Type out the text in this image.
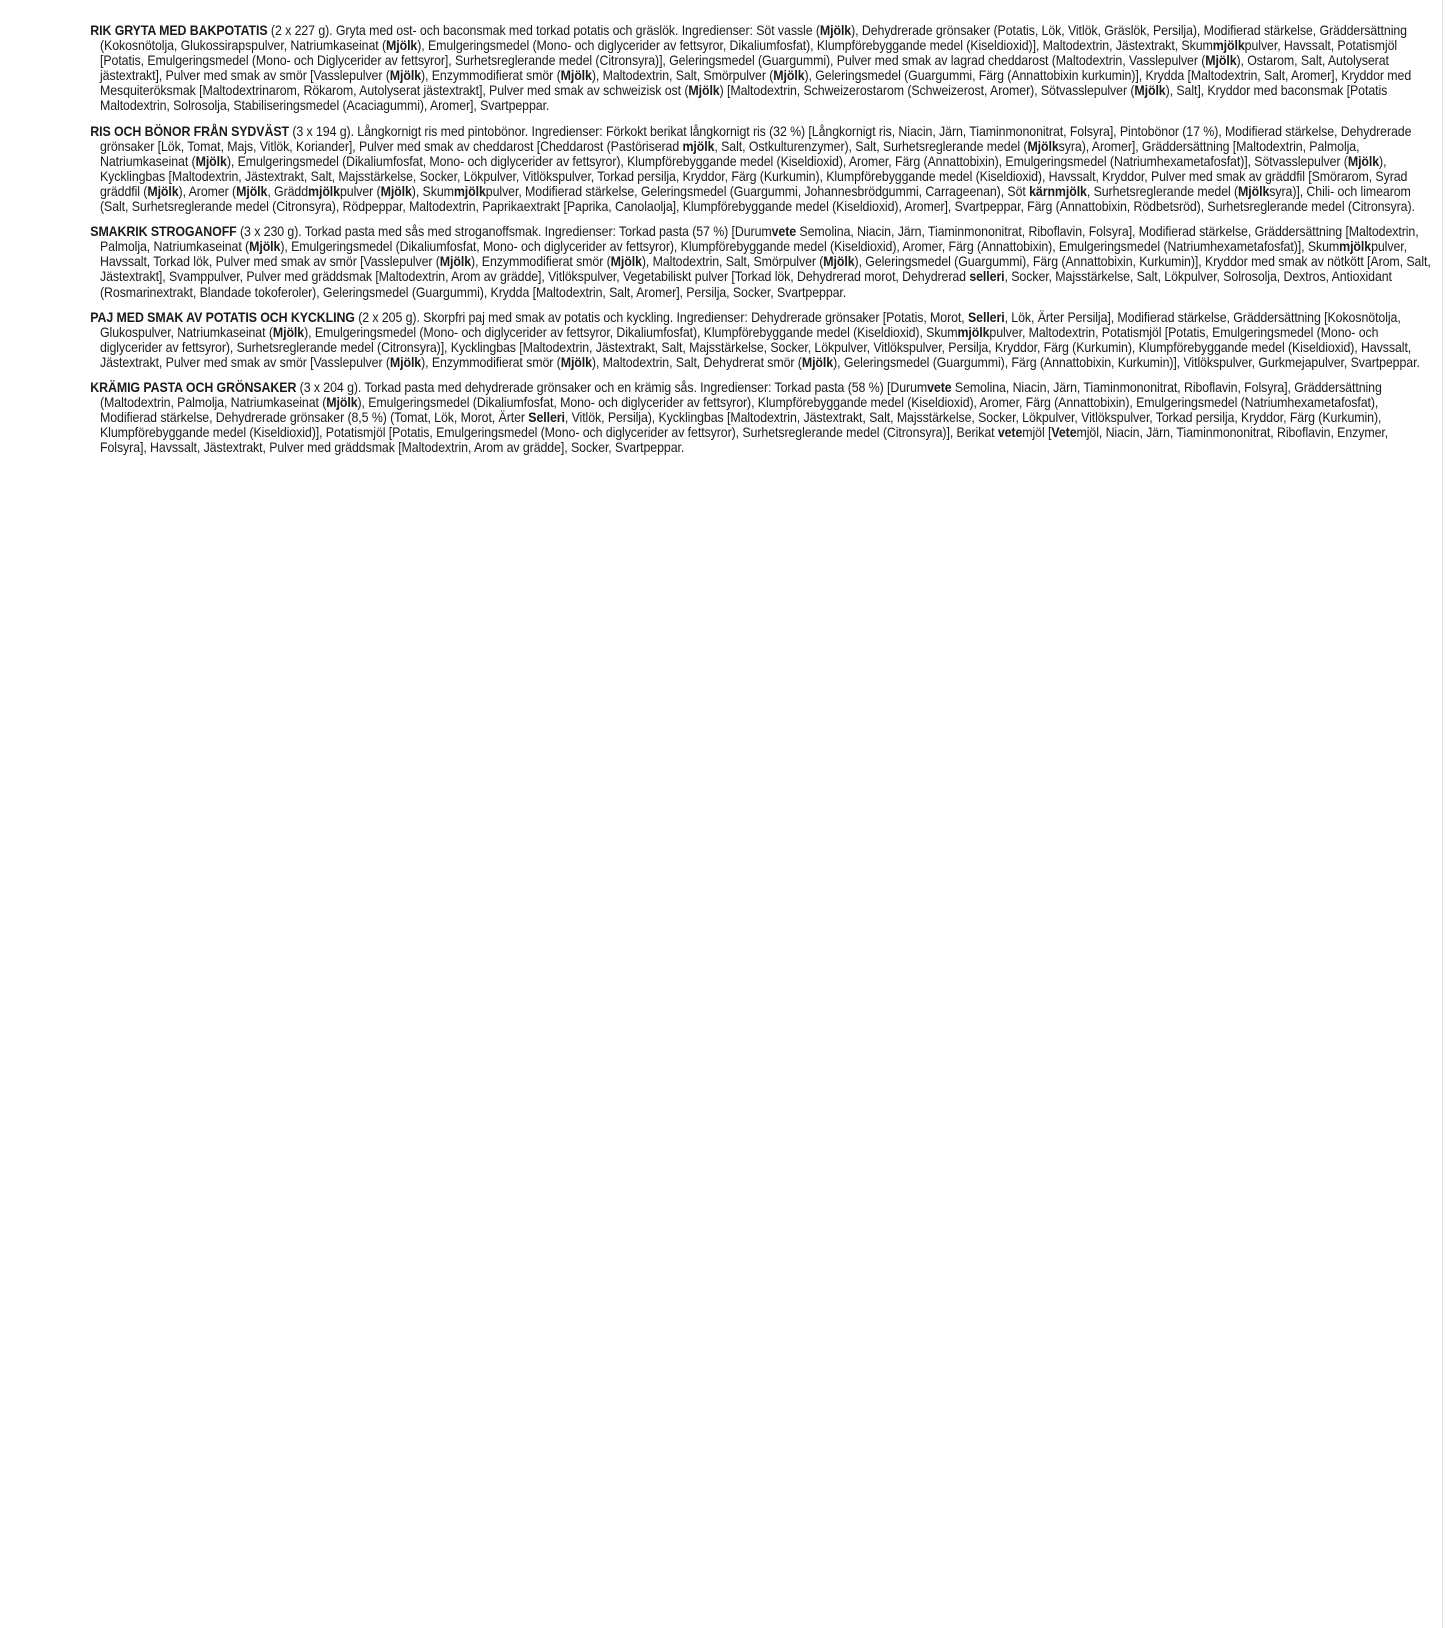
RIK GRYTA MED BAKPOTATIS (2 x 227 g). Gryta med ost- och baconsmak med torkad potatis och gräslök. Ingredienser: Söt vassle (Mjölk), Dehydrerade grönsaker (Potatis, Lök, Vitlök, Gräslök, Persilja), Modifierad stärkelse, Gräddersättning (Kokosnötolja, Glukossirapspulver, Natriumkaseinat (Mjölk), Emulgeringsmedel (Mono- och diglycerider av fettsyror, Dikaliumfosfat), Klumpförebyggande medel (Kiseldioxid)], Maltodextrin, Jästextrakt, Skummjölkpulver, Havssalt, Potatismjöl [Potatis, Emulgeringsmedel (Mono- och Diglycerider av fettsyror], Surhetsreglerande medel (Citronsyra)], Geleringsmedel (Guargummi), Pulver med smak av lagrad cheddarost (Maltodextrin, Vasslepulver (Mjölk), Ostarom, Salt, Autolyserat jästextrakt], Pulver med smak av smör [Vasslepulver (Mjölk), Enzymmodifierat smör (Mjölk), Maltodextrin, Salt, Smörpulver (Mjölk), Geleringsmedel (Guargummi, Färg (Annattobixin kurkumin)], Krydda [Maltodextrin, Salt, Aromer], Kryddor med Mesquiteröksmak [Maltodextrinarom, Rökarom, Autolyserat jästextrakt], Pulver med smak av schweizisk ost (Mjölk) [Maltodextrin, Schweizerostarom (Schweizerost, Aromer), Sötvasslepulver (Mjölk), Salt], Kryddor med baconsmak [Potatis Maltodextrin, Solrosolja, Stabiliseringsmedel (Acaciagummi), Aromer], Svartpeppar.

RIS OCH BÖNOR FRÅN SYDVÄST (3 x 194 g). Långkornigt ris med pintobönor. Ingredienser: Förkokt berikat långkornigt ris (32 %) [Långkornigt ris, Niacin, Järn, Tiaminmononitrat, Folsyra], Pintobönor (17 %), Modifierad stärkelse, Dehydrerade grönsaker [Lök, Tomat, Majs, Vitlök, Koriander], Pulver med smak av cheddarost [Cheddarost (Pastöriserad mjölk, Salt, Ostkulturenzymer), Salt, Surhetsreglerande medel (Mjölksyra), Aromer], Gräddersättning [Maltodextrin, Palmolja, Natriumkaseinat (Mjölk), Emulgeringsmedel (Dikaliumfosfat, Mono- och diglycerider av fettsyror), Klumpförebyggande medel (Kiseldioxid), Aromer, Färg (Annattobixin), Emulgeringsmedel (Natriumhexametafosfat)], Sötvasslepulver (Mjölk), Kycklingbas [Maltodextrin, Jästextrakt, Salt, Majsstärkelse, Socker, Lökpulver, Vitlökspulver, Torkad persilja, Kryddor, Färg (Kurkumin), Klumpförebyggande medel (Kiseldioxid), Havssalt, Kryddor, Pulver med smak av gräddfil [Smörarom, Syrad gräddfil (Mjölk), Aromer (Mjölk, Gräddmjölkpulver (Mjölk), Skummjölkpulver, Modifierad stärkelse, Geleringsmedel (Guargummi, Johannesbrödgummi, Carrageenan), Söt kärnmjölk, Surhetsreglerande medel (Mjölksyra)], Chili- och limearom (Salt, Surhetsreglerande medel (Citronsyra), Rödpeppar, Maltodextrin, Paprikaextrakt [Paprika, Canolaolja], Klumpförebyggande medel (Kiseldioxid), Aromer], Svartpeppar, Färg (Annattobixin, Rödbetsröd), Surhetsreglerande medel (Citronsyra).

SMAKRIK STROGANOFF (3 x 230 g). Torkad pasta med sås med stroganoffsmak. Ingredienser: Torkad pasta (57 %) [Durumvete Semolina, Niacin, Järn, Tiaminmononitrat, Riboflavin, Folsyra], Modifierad stärkelse, Gräddersättning [Maltodextrin, Palmolja, Natriumkaseinat (Mjölk), Emulgeringsmedel (Dikaliumfosfat, Mono- och diglycerider av fettsyror), Klumpförebyggande medel (Kiseldioxid), Aromer, Färg (Annattobixin), Emulgeringsmedel (Natriumhexametafosfat)], Skummjölkpulver, Havssalt, Torkad lök, Pulver med smak av smör [Vasslepulver (Mjölk), Enzymmodifierat smör (Mjölk), Maltodextrin, Salt, Smörpulver (Mjölk), Geleringsmedel (Guargummi), Färg (Annattobixin, Kurkumin)], Kryddor med smak av nötkött [Arom, Salt, Jästextrakt], Svamppulver, Pulver med gräddsmak [Maltodextrin, Arom av grädde], Vitlökspulver, Vegetabiliskt pulver [Torkad lök, Dehydrerad morot, Dehydrerad selleri, Socker, Majsstärkelse, Salt, Lökpulver, Solrosolja, Dextros, Antioxidant (Rosmarinextrakt, Blandade tokoferoler), Geleringsmedel (Guargummi), Krydda [Maltodextrin, Salt, Aromer], Persilja, Socker, Svartpeppar.

PAJ MED SMAK AV POTATIS OCH KYCKLING (2 x 205 g). Skorpfri paj med smak av potatis och kyckling. Ingredienser: Dehydrerade grönsaker [Potatis, Morot, Selleri, Lök, Ärter Persilja], Modifierad stärkelse, Gräddersättning [Kokosnötolja, Glukospulver, Natriumkaseinat (Mjölk), Emulgeringsmedel (Mono- och diglycerider av fettsyror, Dikaliumfosfat), Klumpförebyggande medel (Kiseldioxid), Skummjölkpulver, Maltodextrin, Potatismjöl [Potatis, Emulgeringsmedel (Mono- och diglycerider av fettsyror), Surhetsreglerande medel (Citronsyra)], Kycklingbas [Maltodextrin, Jästextrakt, Salt, Majsstärkelse, Socker, Lökpulver, Vitlökspulver, Persilja, Kryddor, Färg (Kurkumin), Klumpförebyggande medel (Kiseldioxid), Havssalt, Jästextrakt, Pulver med smak av smör [Vasslepulver (Mjölk), Enzymmodifierat smör (Mjölk), Maltodextrin, Salt, Dehydrerat smör (Mjölk), Geleringsmedel (Guargummi), Färg (Annattobixin, Kurkumin)], Vitlökspulver, Gurkmejapulver, Svartpeppar.

KRÄMIG PASTA OCH GRÖNSAKER (3 x 204 g). Torkad pasta med dehydrerade grönsaker och en krämig sås. Ingredienser: Torkad pasta (58 %) [Durumvete Semolina, Niacin, Järn, Tiaminmononitrat, Riboflavin, Folsyra], Gräddersättning (Maltodextrin, Palmolja, Natriumkaseinat (Mjölk), Emulgeringsmedel (Dikaliumfosfat, Mono- och diglycerider av fettsyror), Klumpförebyggande medel (Kiseldioxid), Aromer, Färg (Annattobixin), Emulgeringsmedel (Natriumhexametafosfat), Modifierad stärkelse, Dehydrerade grönsaker (8,5 %) (Tomat, Lök, Morot, Ärter Selleri, Vitlök, Persilja), Kycklingbas [Maltodextrin, Jästextrakt, Salt, Majsstärkelse, Socker, Lökpulver, Vitlökspulver, Torkad persilja, Kryddor, Färg (Kurkumin), Klumpförebyggande medel (Kiseldioxid)], Potatismjöl [Potatis, Emulgeringsmedel (Mono- och diglycerider av fettsyror), Surhetsreglerande medel (Citronsyra)], Berikat vetemjöl [Vetemjöl, Niacin, Järn, Tiaminmononitrat, Riboflavin, Enzymer, Folsyra], Havssalt, Jästextrakt, Pulver med gräddsmak [Maltodextrin, Arom av grädde], Socker, Svartpeppar.
